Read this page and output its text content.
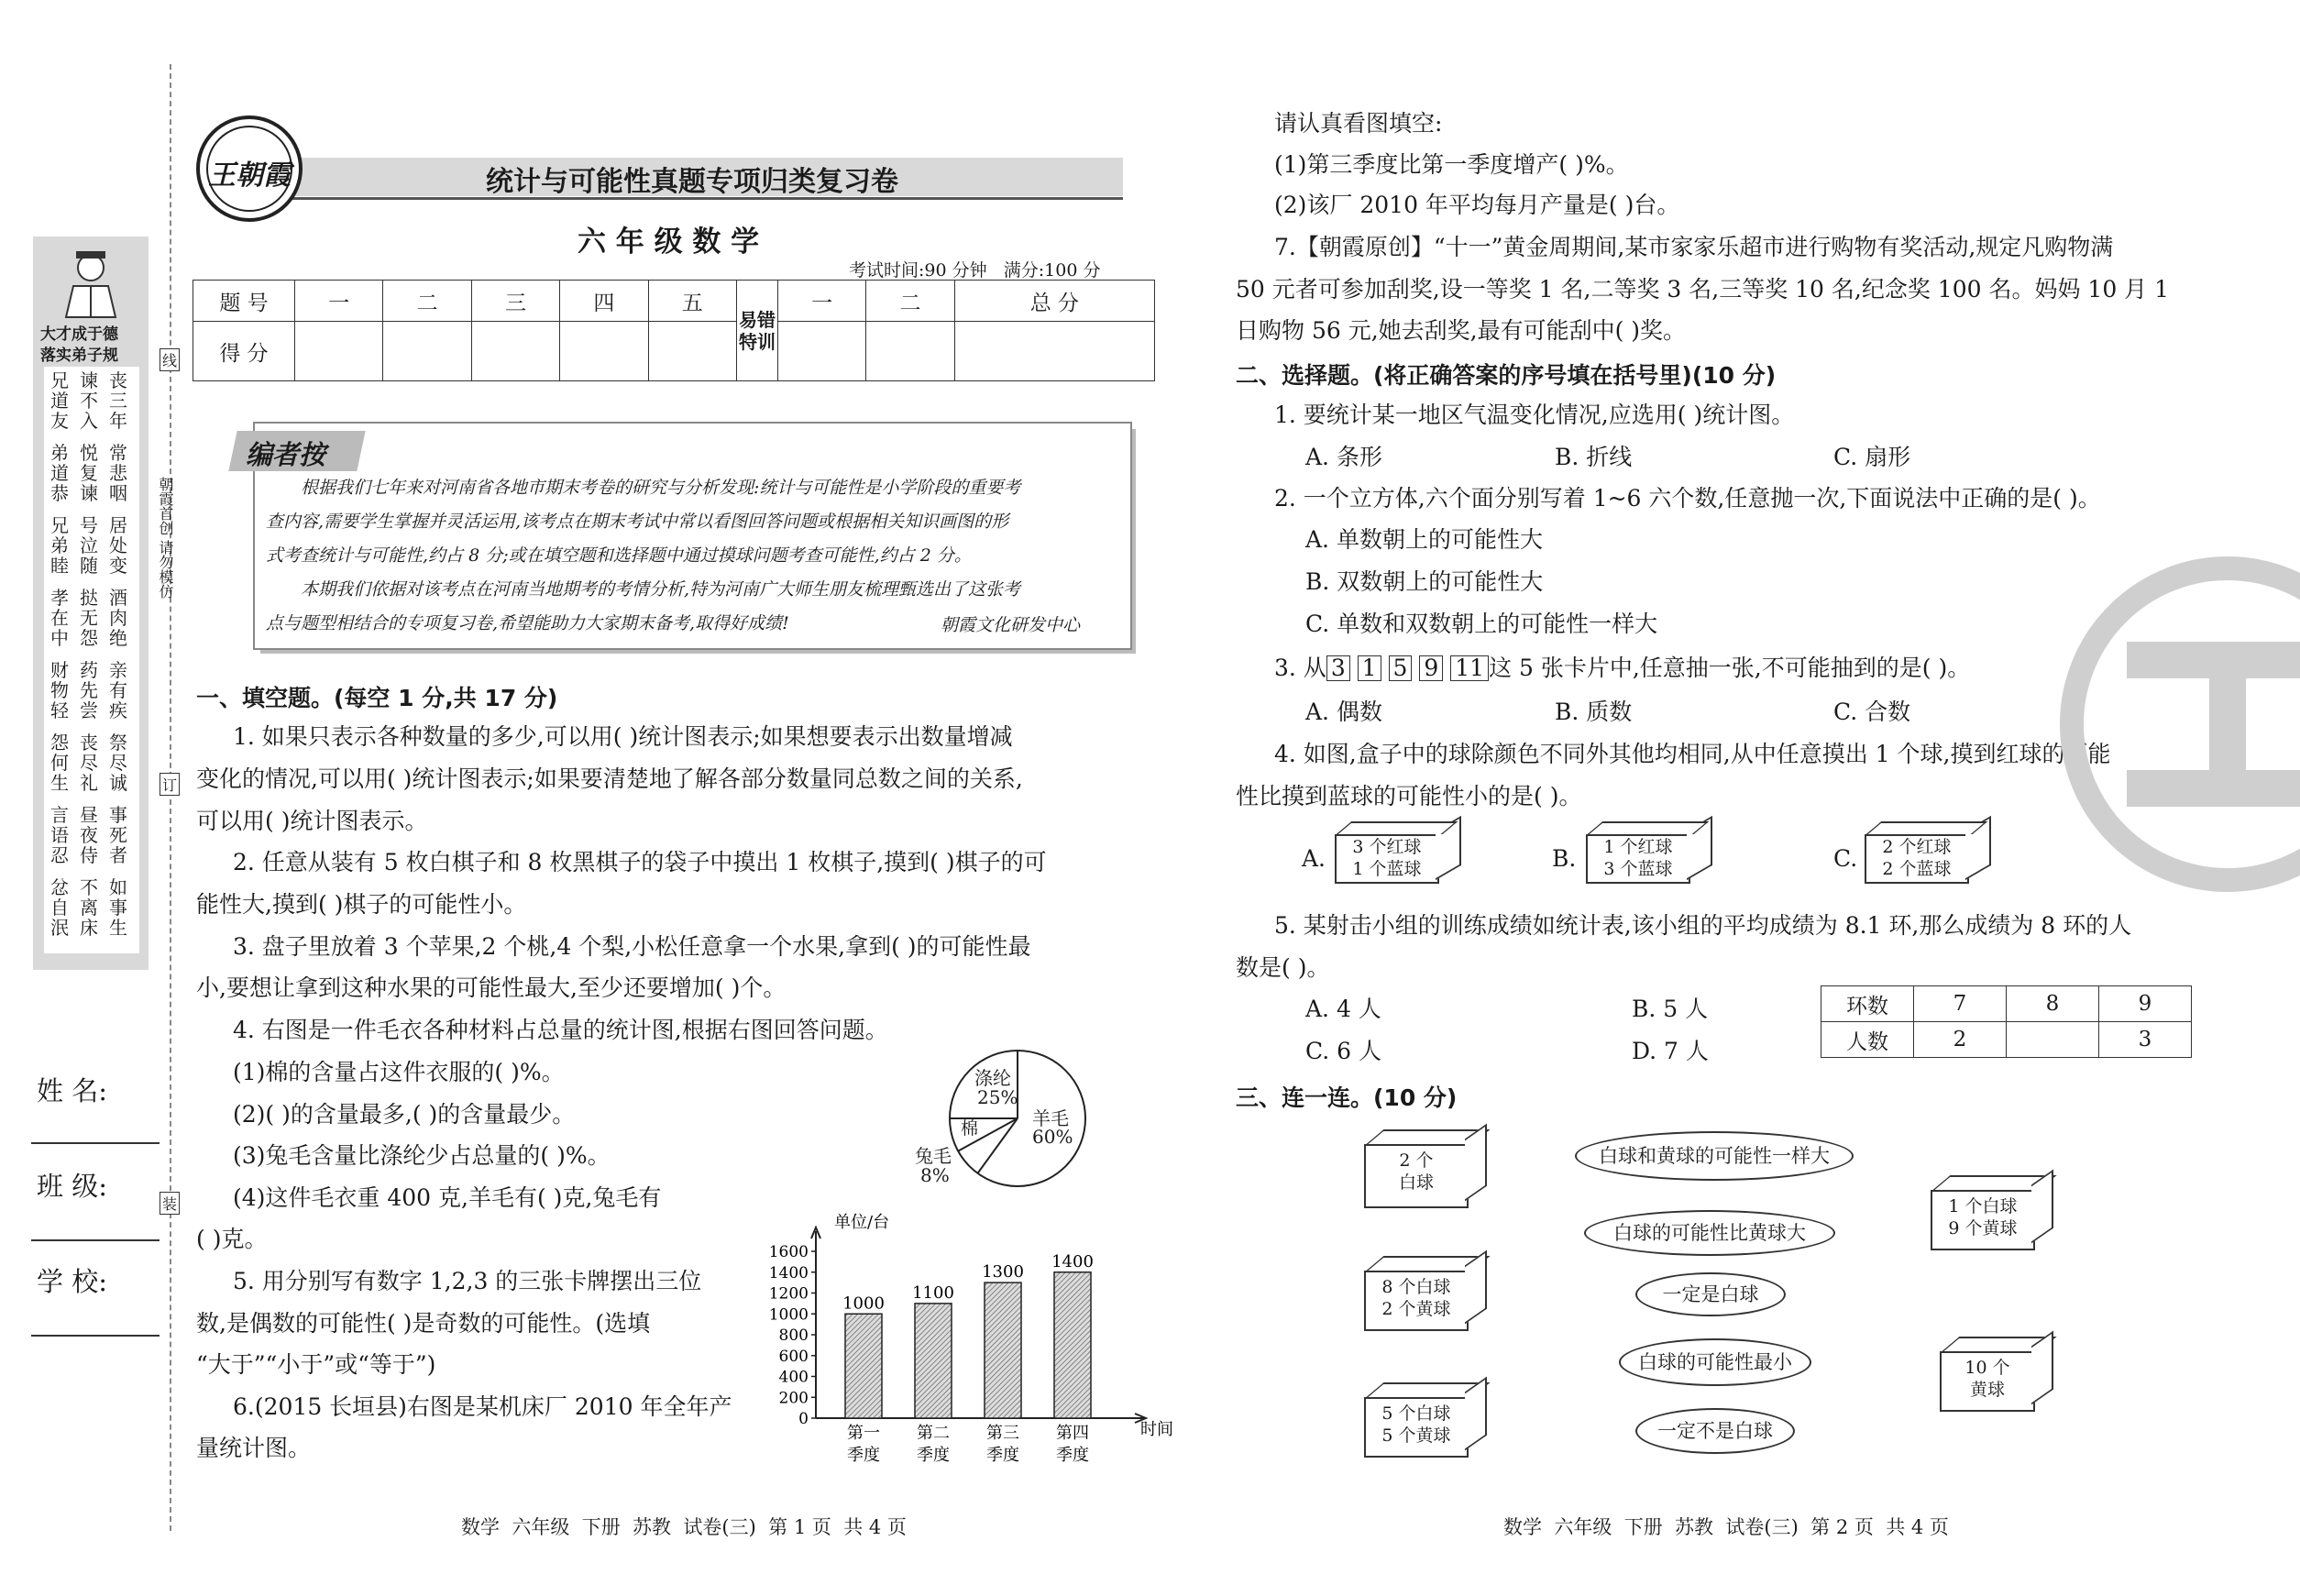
大才成于德
落实弟子规
兄道友
谏不入
丧三年
弟道恭
悦复谏
常悲咽
兄弟睦
号泣随
居处变
孝在中
挞无怨
酒肉绝
财物轻
药先尝
亲有疾
怨何生
丧尽礼
祭尽诚
言语忍
昼夜侍
事死者
忿自泯
不离床
如事生
朝霞首创 请勿模仿
线
订
装
姓 名:
班 级:
学 校:
王朝霞	统计与可能性真题专项归类复习卷
六 年 级 数 学
考试时间:90 分钟   满分:100 分
题 号	一	二	三	四	五	易错特训	一	二	总 分
得 分									
编者按
根据我们七年来对河南省各地市期末考卷的研究与分析发现:统计与可能性是小学阶段的重要考
查内容,需要学生掌握并灵活运用,该考点在期末考试中常以看图回答问题或根据相关知识画图的形
式考查统计与可能性,约占 8 分;或在填空题和选择题中通过摸球问题考查可能性,约占 2 分。
本期我们依据对该考点在河南当地期考的考情分析,特为河南广大师生朋友梳理甄选出了这张考
点与题型相结合的专项复习卷,希望能助力大家期末备考,取得好成绩!	朝霞文化研发中心
一、填空题。(每空 1 分,共 17 分)
1. 如果只表示各种数量的多少,可以用( )统计图表示;如果想要表示出数量增减
变化的情况,可以用( )统计图表示;如果要清楚地了解各部分数量同总数之间的关系,
可以用( )统计图表示。
2. 任意从装有 5 枚白棋子和 8 枚黑棋子的袋子中摸出 1 枚棋子,摸到( )棋子的可
能性大,摸到( )棋子的可能性小。
3. 盘子里放着 3 个苹果,2 个桃,4 个梨,小松任意拿一个水果,拿到( )的可能性最
小,要想让拿到这种水果的可能性最大,至少还要增加( )个。
4. 右图是一件毛衣各种材料占总量的统计图,根据右图回答问题。
(1)棉的含量占这件衣服的( )%。
(2)( )的含量最多,( )的含量最少。
(3)兔毛含量比涤纶少占总量的( )%。
(4)这件毛衣重 400 克,羊毛有( )克,兔毛有
( )克。
5. 用分别写有数字 1,2,3 的三张卡牌摆出三位
数,是偶数的可能性( )是奇数的可能性。(选填
“大于”“小于”或“等于”)
6.(2015 长垣县)右图是某机床厂 2010 年全年产
量统计图。
涤纶
25%
羊毛
60%
棉
兔毛
8%
0
200
400
600
800
1000
1200
1400
1600
单位/台
时间
1000
第一
季度
1100
第二
季度
1300
第三
季度
1400
第四
季度
请认真看图填空:
(1)第三季度比第一季度增产( )%。
(2)该厂 2010 年平均每月产量是( )台。
7.【朝霞原创】“十一”黄金周期间,某市家家乐超市进行购物有奖活动,规定凡购物满
50 元者可参加刮奖,设一等奖 1 名,二等奖 3 名,三等奖 10 名,纪念奖 100 名。妈妈 10 月 1
日购物 56 元,她去刮奖,最有可能刮中( )奖。
二、选择题。(将正确答案的序号填在括号里)(10 分)
1. 要统计某一地区气温变化情况,应选用( )统计图。
A. 条形	B. 折线	C. 扇形
2. 一个立方体,六个面分别写着 1~6 六个数,任意抛一次,下面说法中正确的是( )。
A. 单数朝上的可能性大
B. 双数朝上的可能性大
C. 单数和双数朝上的可能性一样大
3. 从 3 1 5 9 11 这 5 张卡片中,任意抽一张,不可能抽到的是( )。
A. 偶数	B. 质数	C. 合数
4. 如图,盒子中的球除颜色不同外其他均相同,从中任意摸出 1 个球,摸到红球的可能
性比摸到蓝球的可能性小的是( )。
A.	3 个红球
1 个蓝球	B.	1 个红球
3 个蓝球	C.	2 个红球
2 个蓝球
5. 某射击小组的训练成绩如统计表,该小组的平均成绩为 8.1 环,那么成绩为 8 环的人
数是( )。
A. 4 人	B. 5 人
C. 6 人	D. 7 人
环数	7	8	9
人数	2		3
三、连一连。(10 分)
2 个
白球
8 个白球
2 个黄球
5 个白球
5 个黄球
白球和黄球的可能性一样大
白球的可能性比黄球大
一定是白球
白球的可能性最小
一定不是白球
1 个白球
9 个黄球
10 个
黄球
数学  六年级  下册  苏教  试卷(三)  第 1 页  共 4 页	数学  六年级  下册  苏教  试卷(三)  第 2 页  共 4 页
